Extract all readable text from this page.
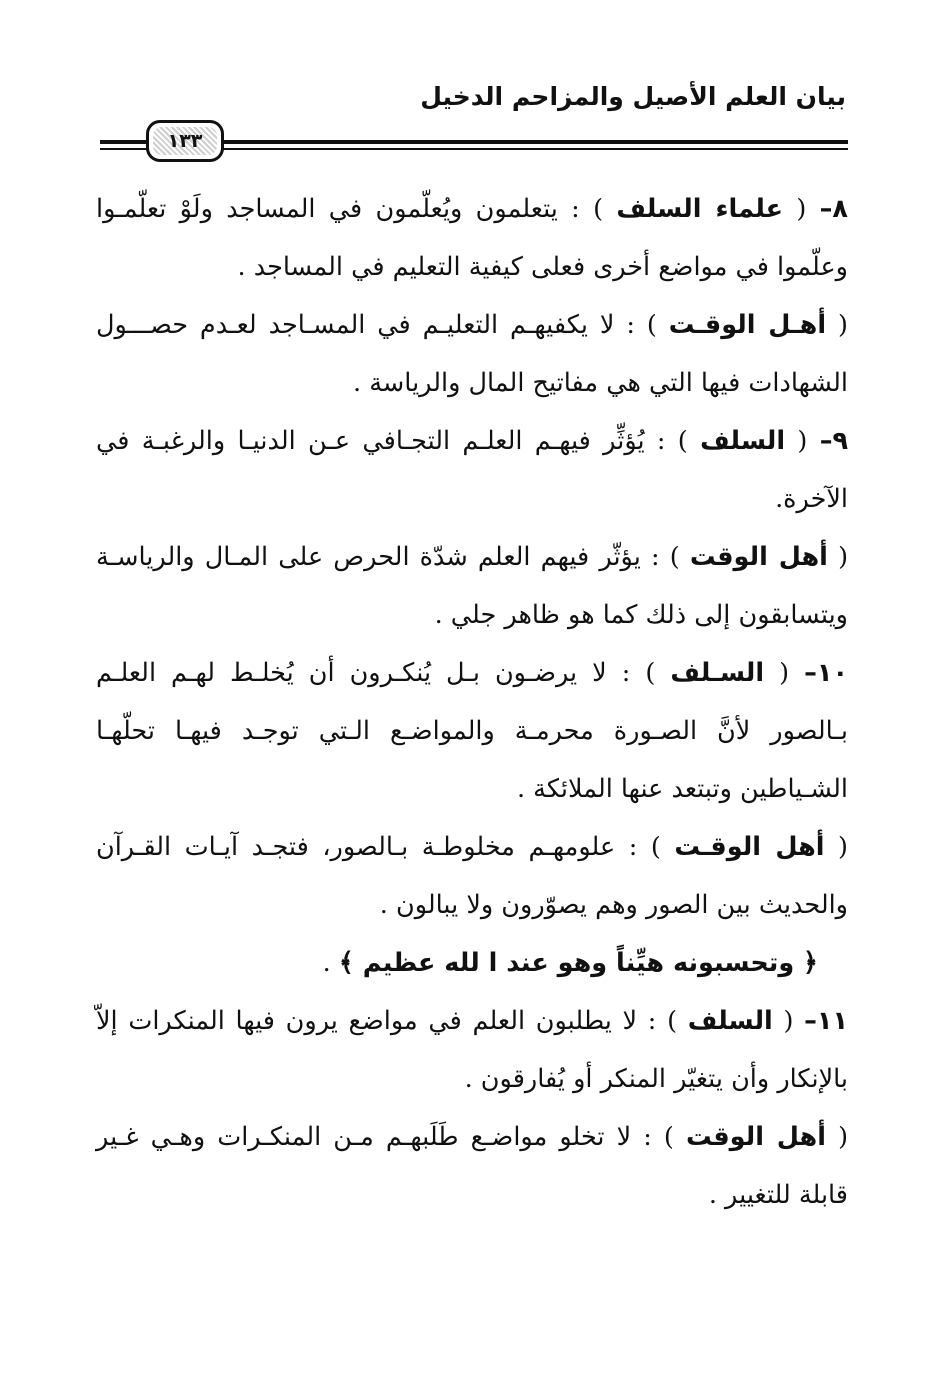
بيان العلم الأصيل والمزاحم الدخيل
١٣٣

٨– ( علماء السلف ) : يتعلمون ويُعلّمون في المساجد ولَوْ تعلّمـوا وعلّموا في مواضع أخرى فعلى كيفية التعليم في المساجد .

( أهـل الوقـت ) : لا يكفيهـم التعليـم في المسـاجد لعـدم حصـــول الشهادات فيها التي هي مفاتيح المال والرياسة .

٩– ( السلف ) : يُؤثِّر فيهـم العلـم التجـافي عـن الدنيـا والرغبـة في الآخرة.

( أهل الوقت ) : يؤثّر فيهم العلم شدّة الحرص على المـال والرياسـة ويتسابقون إلى ذلك كما هو ظاهر جلي .

١٠– ( السـلف ) : لا يرضـون بـل يُنكـرون أن يُخلـط لهـم العلـم بـالصور لأنَّ الصـورة محرمـة والمواضـع الـتي توجـد فيهـا تحلّهـا الشـياطين وتبتعد عنها الملائكة .

( أهل الوقـت ) : علومهـم مخلوطـة بـالصور، فتجـد آيـات القـرآن والحديث بين الصور وهم يصوّرون ولا يبالون .

﴿ وتحسبونه هيِّناً وهو عند ا لله عظيم ﴾ .

١١– ( السلف ) : لا يطلبون العلم في مواضع يرون فيها المنكرات إلاّ بالإنكار وأن يتغيّر المنكر أو يُفارقون .

( أهل الوقت ) : لا تخلو مواضـع طَلَبهـم مـن المنكـرات وهـي غـير قابلة للتغيير .
